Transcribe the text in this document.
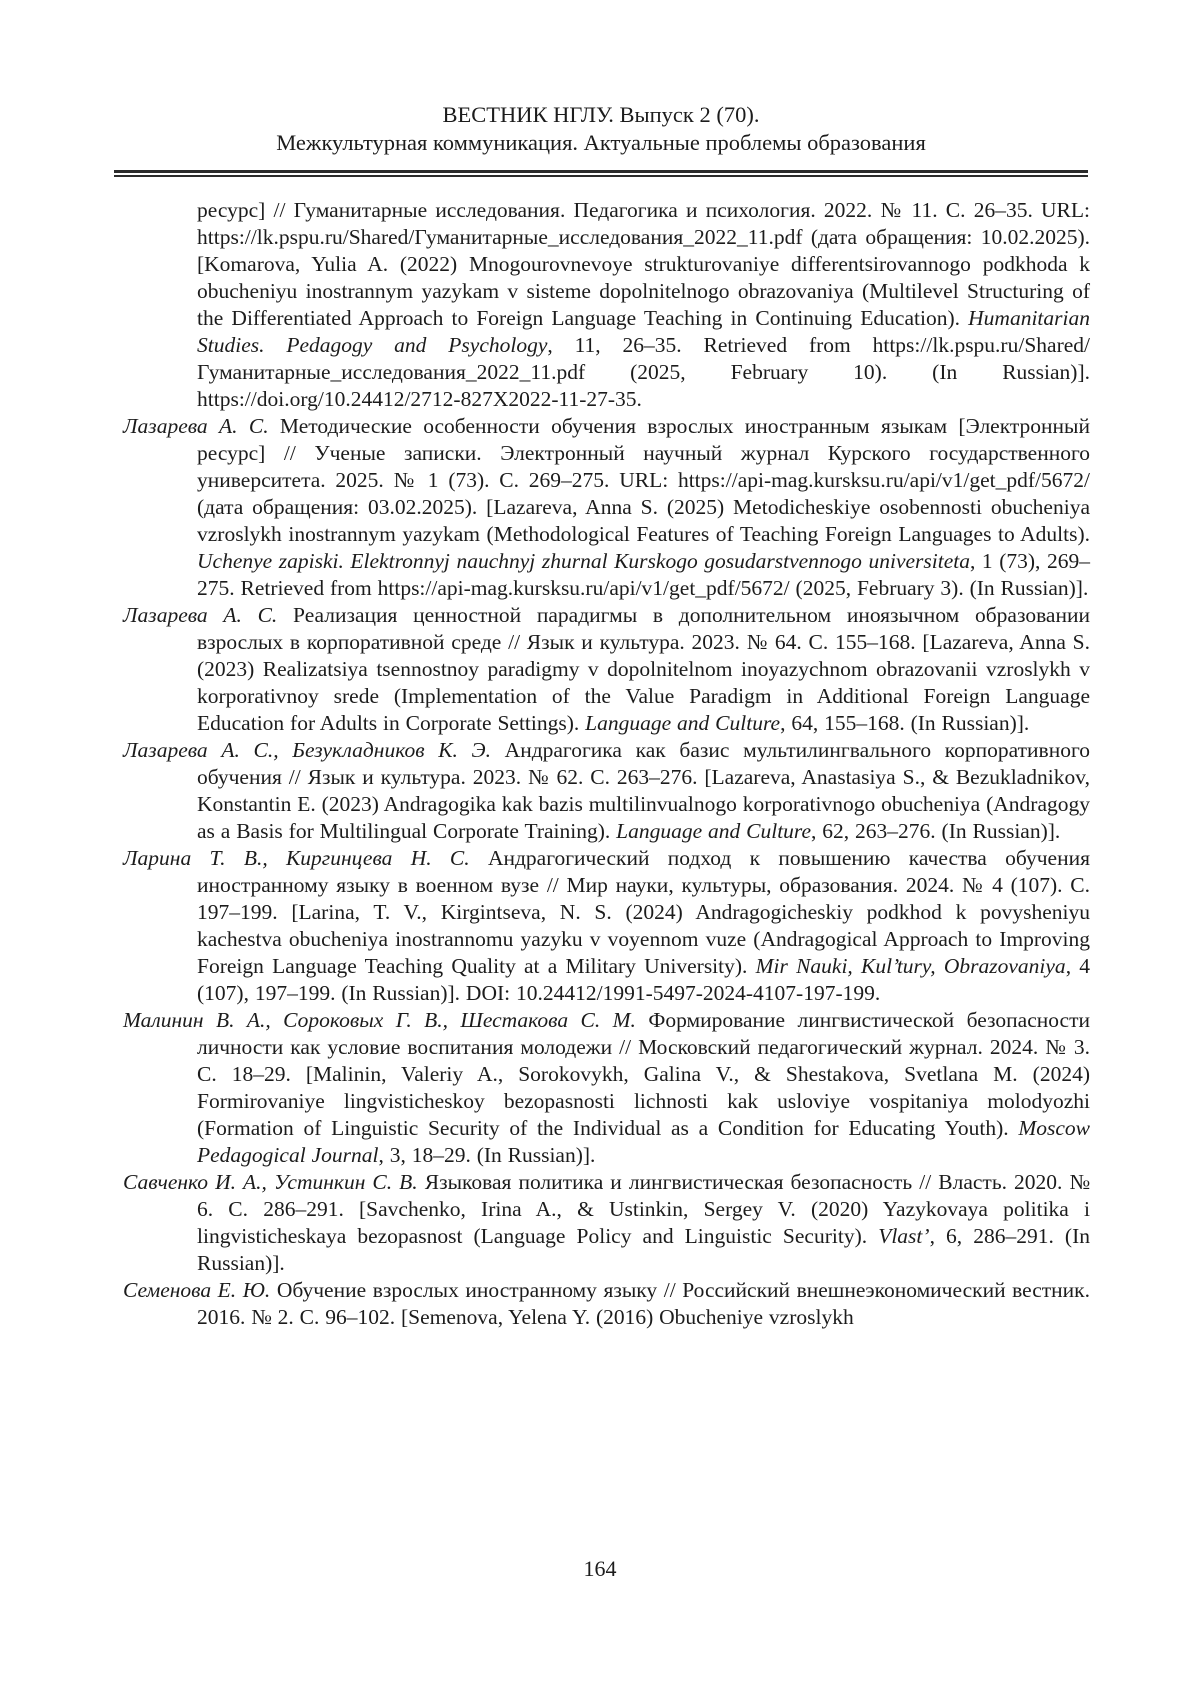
ВЕСТНИК НГЛУ. Выпуск 2 (70).
Межкультурная коммуникация. Актуальные проблемы образования

ресурс] // Гуманитарные исследования. Педагогика и психология. 2022. № 11. С. 26–35. URL: https://lk.pspu.ru/Shared/Гуманитарные_исследования_2022_11.pdf (дата обращения: 10.02.2025). [Komarova, Yulia A. (2022) Mnogourovnevoye strukturovaniye differentsirovannogo podkhoda k obucheniyu inostrannym yazykam v sisteme dopolnitelnogo obrazovaniya (Multilevel Structuring of the Differentiated Approach to Foreign Language Teaching in Continuing Education). Humanitarian Studies. Pedagogy and Psychology, 11, 26–35. Retrieved from https://lk.pspu.ru/Shared/Гуманитарные_исследования_2022_11.pdf (2025, February 10). (In Russian)]. https://doi.org/10.24412/2712-827X2022-11-27-35.

Лазарева А. С. Методические особенности обучения взрослых иностранным языкам [Электронный ресурс] // Ученые записки. Электронный научный журнал Курского государственного университета. 2025. № 1 (73). С. 269–275. URL: https://api-mag.kursksu.ru/api/v1/get_pdf/5672/ (дата обращения: 03.02.2025). [Lazareva, Anna S. (2025) Metodicheskiye osobennosti obucheniya vzroslykh inostrannym yazykam (Methodological Features of Teaching Foreign Languages to Adults). Uchenye zapiski. Elektronnyj nauchnyj zhurnal Kurskogo gosudarstvennogo universiteta, 1 (73), 269–275. Retrieved from https://api-mag.kursksu.ru/api/v1/get_pdf/5672/ (2025, February 3). (In Russian)].

Лазарева А. С. Реализация ценностной парадигмы в дополнительном иноязычном образовании взрослых в корпоративной среде // Язык и культура. 2023. № 64. С. 155–168. [Lazareva, Anna S. (2023) Realizatsiya tsennostnoy paradigmy v dopolnitelnom inoyazychnom obrazovanii vzroslykh v korporativnoy srede (Implementation of the Value Paradigm in Additional Foreign Language Education for Adults in Corporate Settings). Language and Culture, 64, 155–168. (In Russian)].

Лазарева А. С., Безукладников К. Э. Андрагогика как базис мультилингвального корпоративного обучения // Язык и культура. 2023. № 62. С. 263–276. [Lazareva, Anastasiya S., & Bezukladnikov, Konstantin E. (2023) Andragogika kak bazis multilinvualnogo korporativnogo obucheniya (Andragogy as a Basis for Multilingual Corporate Training). Language and Culture, 62, 263–276. (In Russian)].

Ларина Т. В., Киргинцева Н. С. Андрагогический подход к повышению качества обучения иностранному языку в военном вузе // Мир науки, культуры, образования. 2024. № 4 (107). С. 197–199. [Larina, T. V., Kirgintseva, N. S. (2024) Andragogicheskiy podkhod k povysheniyu kachestva obucheniya inostrannomu yazyku v voyennom vuze (Andragogical Approach to Improving Foreign Language Teaching Quality at a Military University). Mir Nauki, Kul’tury, Obrazovaniya, 4 (107), 197–199. (In Russian)]. DOI: 10.24412/1991-5497-2024-4107-197-199.

Малинин В. А., Сороковых Г. В., Шестакова С. М. Формирование лингвистической безопасности личности как условие воспитания молодежи // Московский педагогический журнал. 2024. № 3. С. 18–29. [Malinin, Valeriy A., Sorokovykh, Galina V., & Shestakova, Svetlana M. (2024) Formirovaniye lingvisticheskoy bezopasnosti lichnosti kak usloviye vospitaniya molodyozhi (Formation of Linguistic Security of the Individual as a Condition for Educating Youth). Moscow Pedagogical Journal, 3, 18–29. (In Russian)].

Савченко И. А., Устинкин С. В. Языковая политика и лингвистическая безопасность // Власть. 2020. № 6. С. 286–291. [Savchenko, Irina A., & Ustinkin, Sergey V. (2020) Yazykovaya politika i lingvisticheskaya bezopasnost (Language Policy and Linguistic Security). Vlast’, 6, 286–291. (In Russian)].

Семенова Е. Ю. Обучение взрослых иностранному языку // Российский внешнеэкономический вестник. 2016. № 2. С. 96–102. [Semenova, Yelena Y. (2016) Obucheniye vzroslykh

164
